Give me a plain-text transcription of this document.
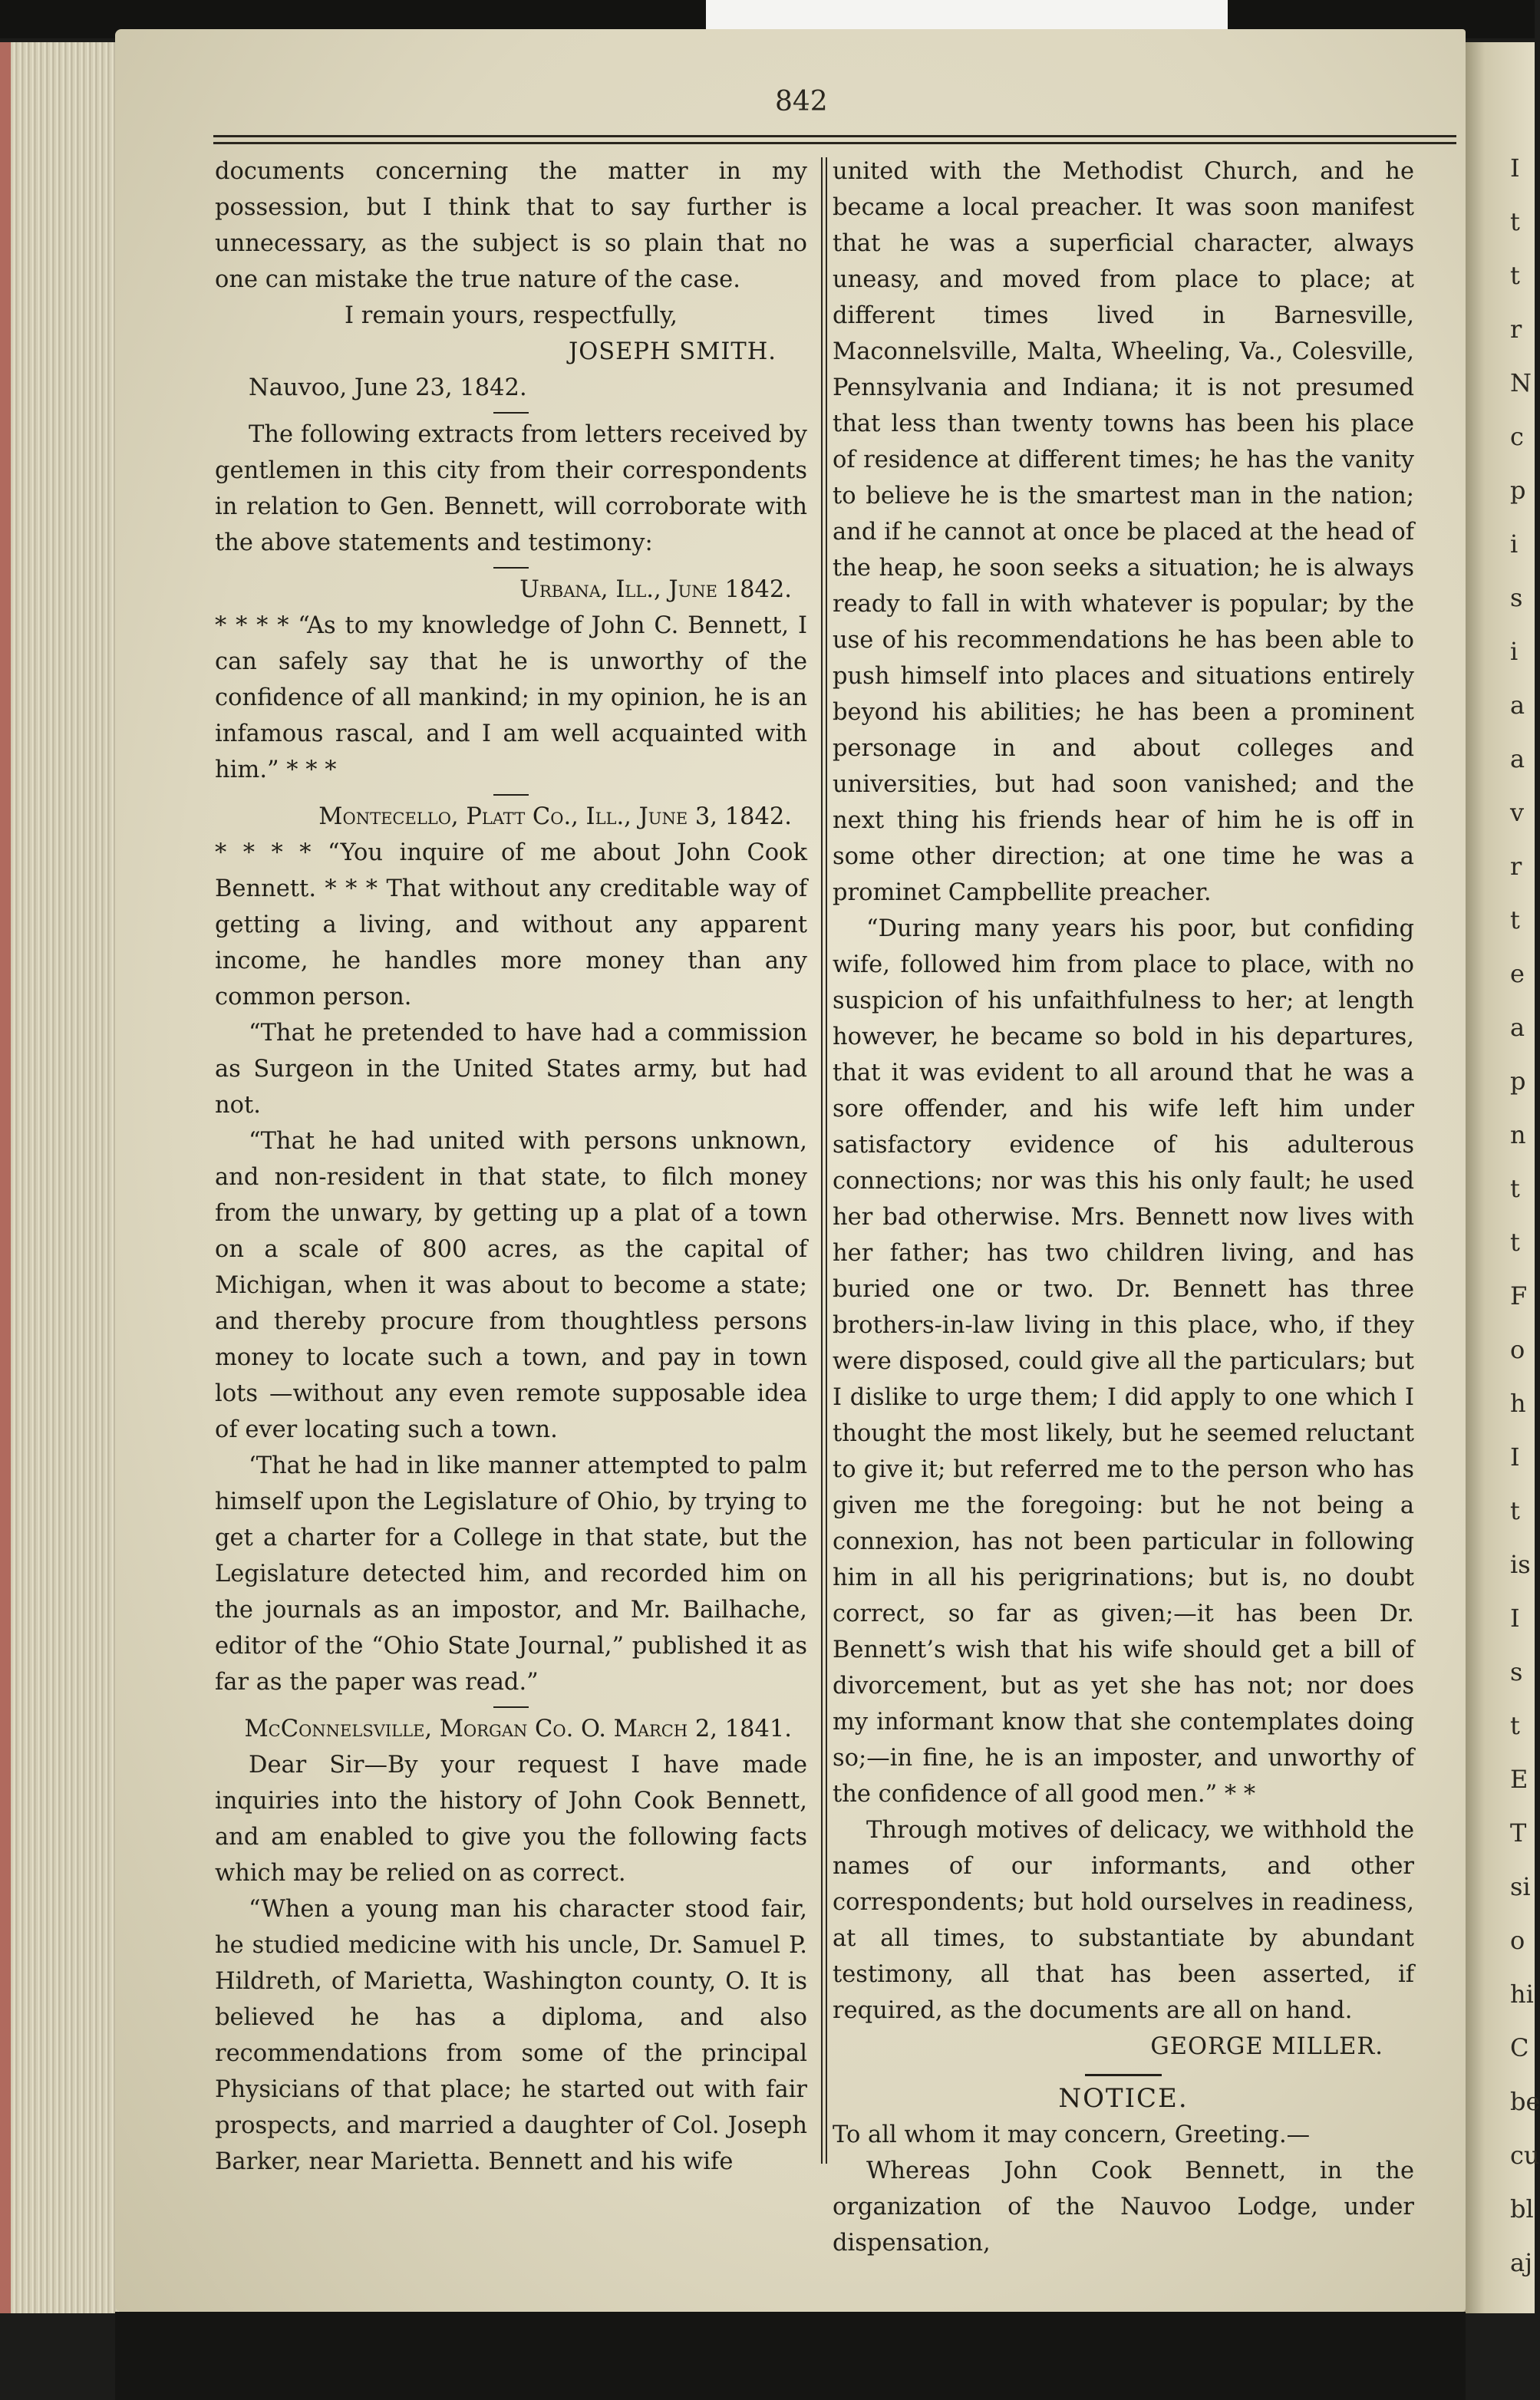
I
t
t
r
N
c
p
i
s
i
a
a
v
r
t
e
a
p
n
t
t
F
o
h
I
t
is
I
s
t
E
T
si
o
hi
C
be
cu
bl
aj
842

documents concerning the matter in my possession, but I think that to say further is unnecessary, as the subject is so plain that no one can mistake the true nature of the case.

I remain yours, respectfully,

JOSEPH SMITH.

Nauvoo, June 23, 1842.

The following extracts from letters received by gentlemen in this city from their correspondents in relation to Gen. Bennett, will corroborate with the above statements and testimony:

Urbana, Ill., June 1842.

* * * * “As to my knowledge of John C. Bennett, I can safely say that he is unworthy of the confidence of all mankind; in my opinion, he is an infamous rascal, and I am well acquainted with him.” * * *

Montecello, Platt Co., Ill., June 3, 1842.

* * * * “You inquire of me about John Cook Bennett. * * * That without any creditable way of getting a living, and without any apparent income, he handles more money than any common person.

“That he pretended to have had a commission as Surgeon in the United States army, but had not.

“That he had united with persons unknown, and non-resident in that state, to filch money from the unwary, by getting up a plat of a town on a scale of 800 acres, as the capital of Michigan, when it was about to become a state; and thereby procure from thoughtless persons money to locate such a town, and pay in town lots —without any even remote supposable idea of ever locating such a town.

‘That he had in like manner attempted to palm himself upon the Legislature of Ohio, by trying to get a charter for a College in that state, but the Legislature detected him, and recorded him on the journals as an impostor, and Mr. Bailhache, editor of the “Ohio State Journal,” published it as far as the paper was read.”

McConnelsville, Morgan Co. O. March 2, 1841.

Dear Sir—By your request I have made inquiries into the history of John Cook Bennett, and am enabled to give you the following facts which may be relied on as correct.

“When a young man his character stood fair, he studied medicine with his uncle, Dr. Samuel P. Hildreth, of Marietta, Washington county, O. It is believed he has a diploma, and also recommendations from some of the principal Physicians of that place; he started out with fair prospects, and married a daughter of Col. Joseph Barker, near Marietta. Bennett and his wife

united with the Methodist Church, and he became a local preacher. It was soon manifest that he was a superficial character, always uneasy, and moved from place to place; at different times lived in Barnesville, Maconnelsville, Malta, Wheeling, Va., Colesville, Pennsylvania and Indiana; it is not presumed that less than twenty towns has been his place of residence at different times; he has the vanity to believe he is the smartest man in the nation; and if he cannot at once be placed at the head of the heap, he soon seeks a situation; he is always ready to fall in with whatever is popular; by the use of his recommendations he has been able to push himself into places and situations entirely beyond his abilities; he has been a prominent personage in and about colleges and universities, but had soon vanished; and the next thing his friends hear of him he is off in some other direction; at one time he was a prominet Campbellite preacher.

“During many years his poor, but confiding wife, followed him from place to place, with no suspicion of his unfaithfulness to her; at length however, he became so bold in his departures, that it was evident to all around that he was a sore offender, and his wife left him under satisfactory evidence of his adulterous connections; nor was this his only fault; he used her bad otherwise. Mrs. Bennett now lives with her father; has two children living, and has buried one or two. Dr. Bennett has three brothers-in-law living in this place, who, if they were disposed, could give all the particulars; but I dislike to urge them; I did apply to one which I thought the most likely, but he seemed reluctant to give it; but referred me to the person who has given me the foregoing: but he not being a connexion, has not been particular in following him in all his perigrinations; but is, no doubt correct, so far as given;—it has been Dr. Bennett’s wish that his wife should get a bill of divorcement, but as yet she has not; nor does my informant know that she contemplates doing so;—in fine, he is an imposter, and unworthy of the confidence of all good men.” * *

Through motives of delicacy, we withhold the names of our informants, and other correspondents; but hold ourselves in readiness, at all times, to substantiate by abundant testimony, all that has been asserted, if required, as the documents are all on hand.

GEORGE MILLER.

NOTICE.

To all whom it may concern, Greeting.—

Whereas John Cook Bennett, in the organization of the Nauvoo Lodge, under dispensation,
